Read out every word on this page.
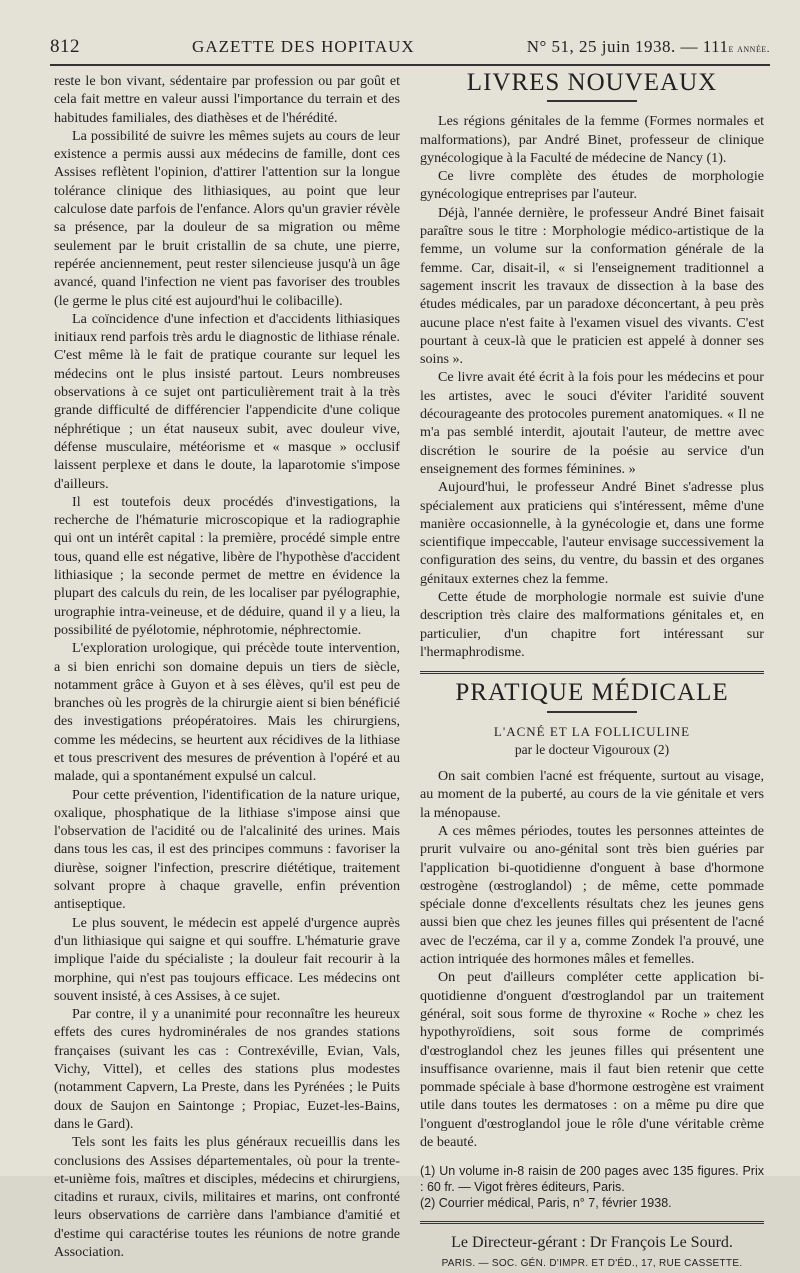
812	GAZETTE DES HOPITAUX	N° 51, 25 juin 1938. — 111e année.

reste le bon vivant, sédentaire par profession ou par goût et cela fait mettre en valeur aussi l'importance du terrain et des habitudes familiales, des diathèses et de l'hérédité.

La possibilité de suivre les mêmes sujets au cours de leur existence a permis aussi aux médecins de famille, dont ces Assises reflètent l'opinion, d'attirer l'attention sur la longue tolérance clinique des lithiasiques, au point que leur calculose date parfois de l'enfance. Alors qu'un gravier révèle sa présence, par la douleur de sa migration ou même seulement par le bruit cristallin de sa chute, une pierre, repérée anciennement, peut rester silencieuse jusqu'à un âge avancé, quand l'infection ne vient pas favoriser des troubles (le germe le plus cité est aujourd'hui le colibacille).

La coïncidence d'une infection et d'accidents lithiasiques initiaux rend parfois très ardu le diagnostic de lithiase rénale. C'est même là le fait de pratique courante sur lequel les médecins ont le plus insisté partout. Leurs nombreuses observations à ce sujet ont particulièrement trait à la très grande difficulté de différencier l'appendicite d'une colique néphrétique ; un état nauseux subit, avec douleur vive, défense musculaire, météorisme et « masque » occlusif laissent perplexe et dans le doute, la laparotomie s'impose d'ailleurs.

Il est toutefois deux procédés d'investigations, la recherche de l'hématurie microscopique et la radiographie qui ont un intérêt capital : la première, procédé simple entre tous, quand elle est négative, libère de l'hypothèse d'accident lithiasique ; la seconde permet de mettre en évidence la plupart des calculs du rein, de les localiser par pyélographie, urographie intra-veineuse, et de déduire, quand il y a lieu, la possibilité de pyélotomie, néphrotomie, néphrectomie.

L'exploration urologique, qui précède toute intervention, a si bien enrichi son domaine depuis un tiers de siècle, notamment grâce à Guyon et à ses élèves, qu'il est peu de branches où les progrès de la chirurgie aient si bien bénéficié des investigations préopératoires. Mais les chirurgiens, comme les médecins, se heurtent aux récidives de la lithiase et tous prescrivent des mesures de prévention à l'opéré et au malade, qui a spontanément expulsé un calcul.

Pour cette prévention, l'identification de la nature urique, oxalique, phosphatique de la lithiase s'impose ainsi que l'observation de l'acidité ou de l'alcalinité des urines. Mais dans tous les cas, il est des principes communs : favoriser la diurèse, soigner l'infection, prescrire diététique, traitement solvant propre à chaque gravelle, enfin prévention antiseptique.

Le plus souvent, le médecin est appelé d'urgence auprès d'un lithiasique qui saigne et qui souffre. L'hématurie grave implique l'aide du spécialiste ; la douleur fait recourir à la morphine, qui n'est pas toujours efficace. Les médecins ont souvent insisté, à ces Assises, à ce sujet.

Par contre, il y a unanimité pour reconnaître les heureux effets des cures hydrominérales de nos grandes stations françaises (suivant les cas : Contrexéville, Evian, Vals, Vichy, Vittel), et celles des stations plus modestes (notamment Capvern, La Preste, dans les Pyrénées ; le Puits doux de Saujon en Saintonge ; Propiac, Euzet-les-Bains, dans le Gard).

Tels sont les faits les plus généraux recueillis dans les conclusions des Assises départementales, où pour la trente-et-unième fois, maîtres et disciples, médecins et chirurgiens, citadins et ruraux, civils, militaires et marins, ont confronté leurs observations de carrière dans l'ambiance d'amitié et d'estime qui caractérise toutes les réunions de notre grande Association.

LIVRES NOUVEAUX

Les régions génitales de la femme (Formes normales et malformations), par André Binet, professeur de clinique gynécologique à la Faculté de médecine de Nancy (1).

Ce livre complète des études de morphologie gynécologique entreprises par l'auteur.

Déjà, l'année dernière, le professeur André Binet faisait paraître sous le titre : Morphologie médico-artistique de la femme, un volume sur la conformation générale de la femme. Car, disait-il, « si l'enseignement traditionnel a sagement inscrit les travaux de dissection à la base des études médicales, par un paradoxe déconcertant, à peu près aucune place n'est faite à l'examen visuel des vivants. C'est pourtant à ceux-là que le praticien est appelé à donner ses soins ».

Ce livre avait été écrit à la fois pour les médecins et pour les artistes, avec le souci d'éviter l'aridité souvent décourageante des protocoles purement anatomiques. « Il ne m'a pas semblé interdit, ajoutait l'auteur, de mettre avec discrétion le sourire de la poésie au service d'un enseignement des formes féminines. »

Aujourd'hui, le professeur André Binet s'adresse plus spécialement aux praticiens qui s'intéressent, même d'une manière occasionnelle, à la gynécologie et, dans une forme scientifique impeccable, l'auteur envisage successivement la configuration des seins, du ventre, du bassin et des organes génitaux externes chez la femme.

Cette étude de morphologie normale est suivie d'une description très claire des malformations génitales et, en particulier, d'un chapitre fort intéressant sur l'hermaphrodisme.

PRATIQUE MÉDICALE
L'ACNÉ ET LA FOLLICULINE
par le docteur Vigouroux (2)

On sait combien l'acné est fréquente, surtout au visage, au moment de la puberté, au cours de la vie génitale et vers la ménopause.

A ces mêmes périodes, toutes les personnes atteintes de prurit vulvaire ou ano-génital sont très bien guéries par l'application bi-quotidienne d'onguent à base d'hormone œstrogène (œstroglandol) ; de même, cette pommade spéciale donne d'excellents résultats chez les jeunes gens aussi bien que chez les jeunes filles qui présentent de l'acné avec de l'eczéma, car il y a, comme Zondek l'a prouvé, une action intriquée des hormones mâles et femelles.

On peut d'ailleurs compléter cette application bi-quotidienne d'onguent d'œstroglandol par un traitement général, soit sous forme de thyroxine « Roche » chez les hypothyroïdiens, soit sous forme de comprimés d'œstroglandol chez les jeunes filles qui présentent une insuffisance ovarienne, mais il faut bien retenir que cette pommade spéciale à base d'hormone œstrogène est vraiment utile dans toutes les dermatoses : on a même pu dire que l'onguent d'œstroglandol joue le rôle d'une véritable crème de beauté.

(1) Un volume in-8 raisin de 200 pages avec 135 figures. Prix : 60 fr. — Vigot frères éditeurs, Paris.
(2) Courrier médical, Paris, n° 7, février 1938.
Le Directeur-gérant : Dr François Le Sourd.
PARIS. — SOC. GÉN. D'IMPR. ET D'ÉD., 17, RUE CASSETTE.
